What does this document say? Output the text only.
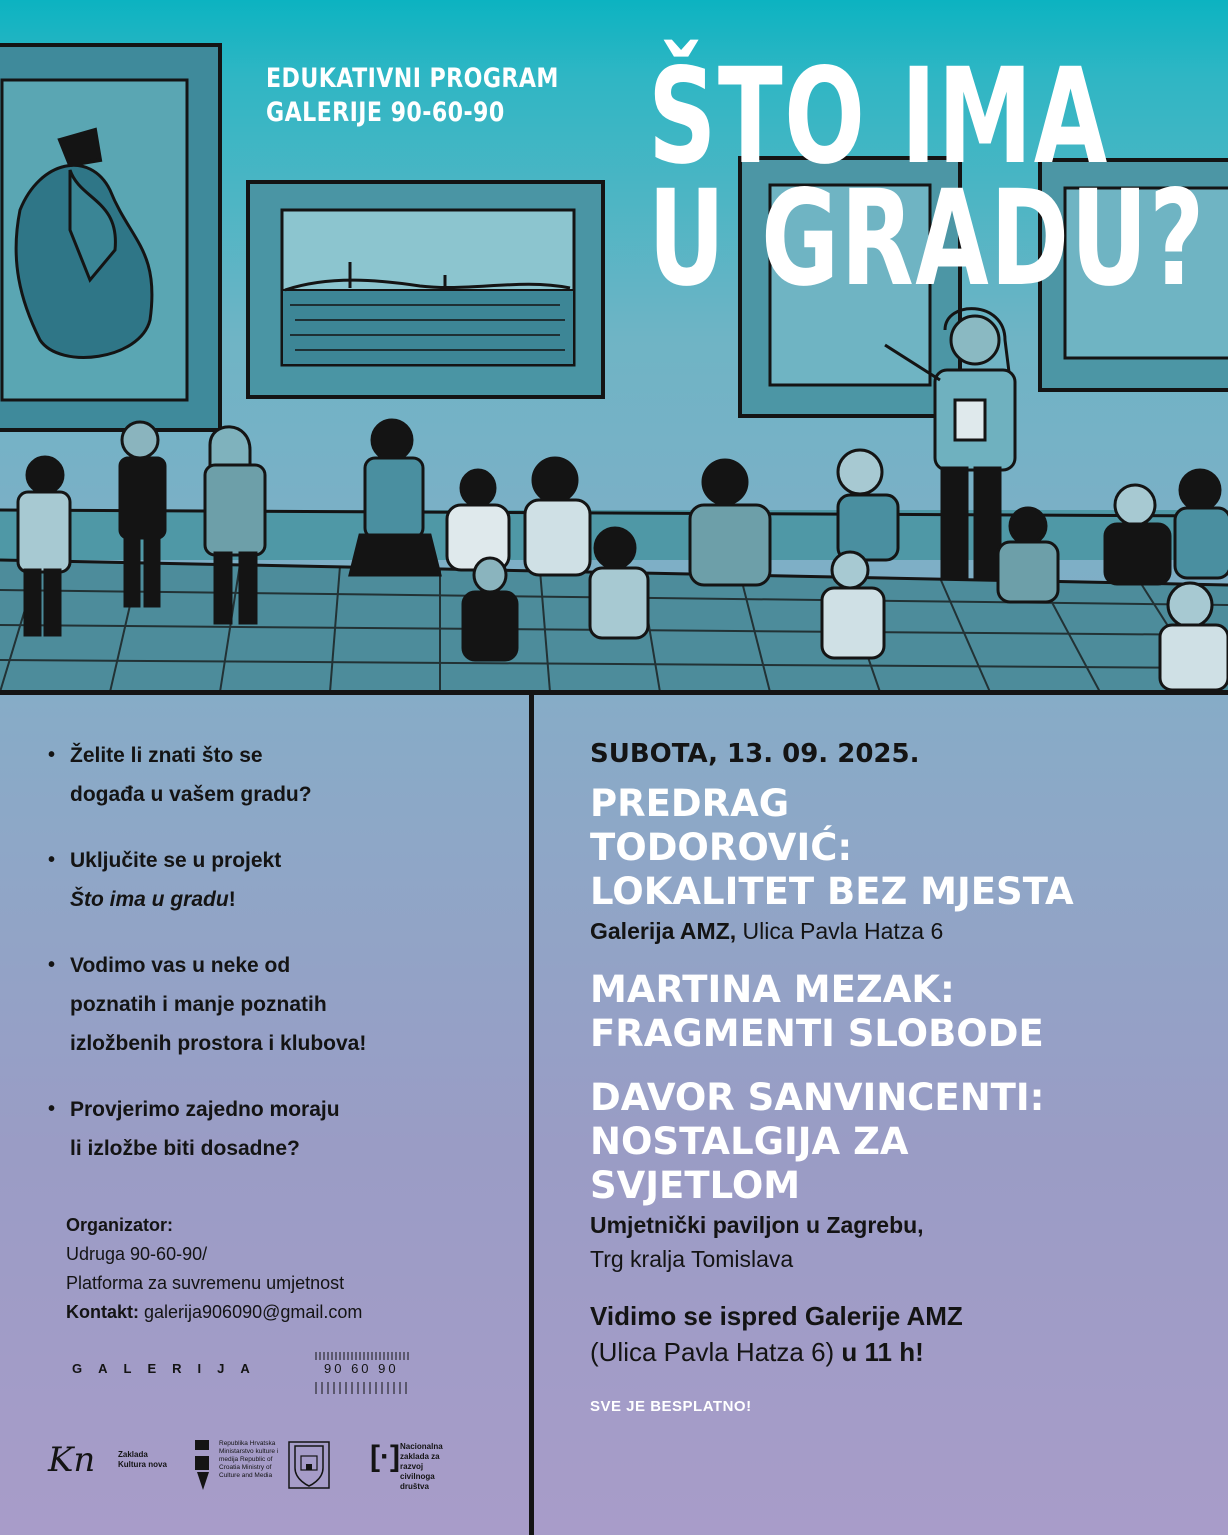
EDUKATIVNI PROGRAM
GALERIJE 90-60-90	ŠTO IMA
U GRADU?
• Želite li znati što se
događa u vašem gradu?
• Uključite se u projekt
Što ima u gradu!
• Vodimo vas u neke od
poznatih i manje poznatih
izložbenih prostora i klubova!
• Provjerimo zajedno moraju
li izložbe biti dosadne?
Organizator:
Udruga 90-60-90/
Platforma za suvremenu umjetnost
Kontakt: galerija906090@gmail.com
GALERIJA	90 60 90
Kn	Zaklada
Kultura nova
Republika Hrvatska Ministarstvo kulture i medija Republic of Croatia Ministry of Culture and Media
[·] Nacionalna
zaklada za
razvoj
civilnoga
društva
SUBOTA, 13. 09. 2025.
PREDRAG
TODOROVIĆ:
LOKALITET BEZ MJESTA
Galerija AMZ, Ulica Pavla Hatza 6
MARTINA MEZAK:
FRAGMENTI SLOBODE
DAVOR SANVINCENTI:
NOSTALGIJA ZA
SVJETLOM
Umjetnički paviljon u Zagrebu,
Trg kralja Tomislava
Vidimo se ispred Galerije AMZ
(Ulica Pavla Hatza 6) u 11 h!
SVE JE BESPLATNO!
